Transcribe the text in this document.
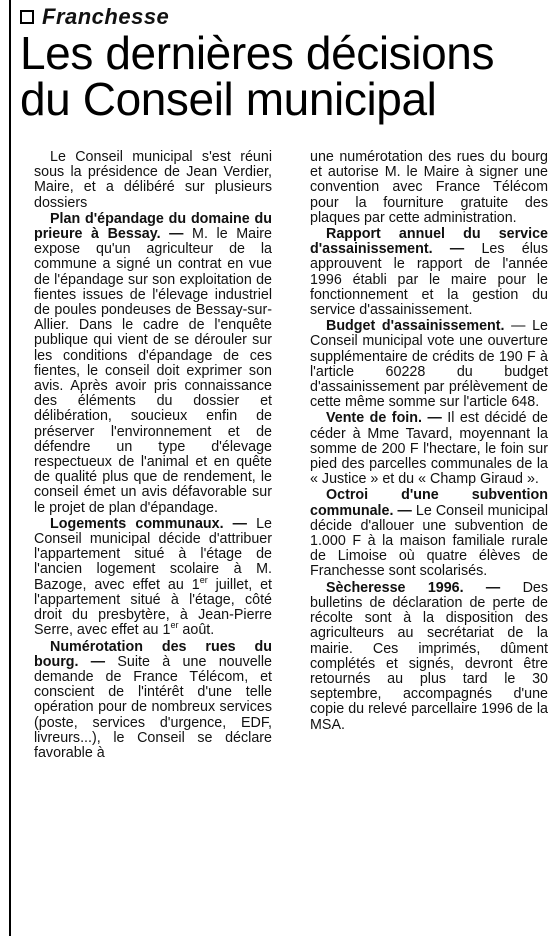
Franchesse
Les dernières décisions
du Conseil municipal

Le Conseil municipal s'est réuni sous la présidence de Jean Verdier, Maire, et a délibéré sur plusieurs dossiers

Plan d'épandage du domaine du prieure à Bessay. — M. le Maire expose qu'un agriculteur de la commune a signé un contrat en vue de l'épandage sur son exploitation de fientes issues de l'élevage industriel de poules pondeuses de Bessay-sur-Allier. Dans le cadre de l'enquête publique qui vient de se dérouler sur les conditions d'épandage de ces fientes, le conseil doit exprimer son avis. Après avoir pris connaissance des éléments du dossier et délibération, soucieux enfin de préserver l'environnement et de défendre un type d'élevage respectueux de l'animal et en quête de qualité plus que de rendement, le conseil émet un avis défavorable sur le projet de plan d'épandage.

Logements communaux. — Le Conseil municipal décide d'attribuer l'appartement situé à l'étage de l'ancien logement scolaire à M. Bazoge, avec effet au 1er juillet, et l'appartement situé à l'étage, côté droit du presbytère, à Jean-Pierre Serre, avec effet au 1er août.

Numérotation des rues du bourg. — Suite à une nouvelle demande de France Télécom, et conscient de l'intérêt d'une telle opération pour de nombreux services (poste, services d'urgence, EDF, livreurs...), le Conseil se déclare favorable à

une numérotation des rues du bourg et autorise M. le Maire à signer une convention avec France Télécom pour la fourniture gratuite des plaques par cette administration.

Rapport annuel du service d'assainissement. — Les élus approuvent le rapport de l'année 1996 établi par le maire pour le fonctionnement et la gestion du service d'assainissement.

Budget d'assainissement. — Le Conseil municipal vote une ouverture supplémentaire de crédits de 190 F à l'article 60228 du budget d'assainissement par prélèvement de cette même somme sur l'article 648.

Vente de foin. — Il est décidé de céder à Mme Tavard, moyennant la somme de 200 F l'hectare, le foin sur pied des parcelles communales de la « Justice » et du « Champ Giraud ».

Octroi d'une subvention communale. — Le Conseil municipal décide d'allouer une subvention de 1.000 F à la maison familiale rurale de Limoise où quatre élèves de Franchesse sont scolarisés.

Sècheresse 1996. — Des bulletins de déclaration de perte de récolte sont à la disposition des agriculteurs au secrétariat de la mairie. Ces imprimés, dûment complétés et signés, devront être retournés au plus tard le 30 septembre, accompagnés d'une copie du relevé parcellaire 1996 de la MSA.
